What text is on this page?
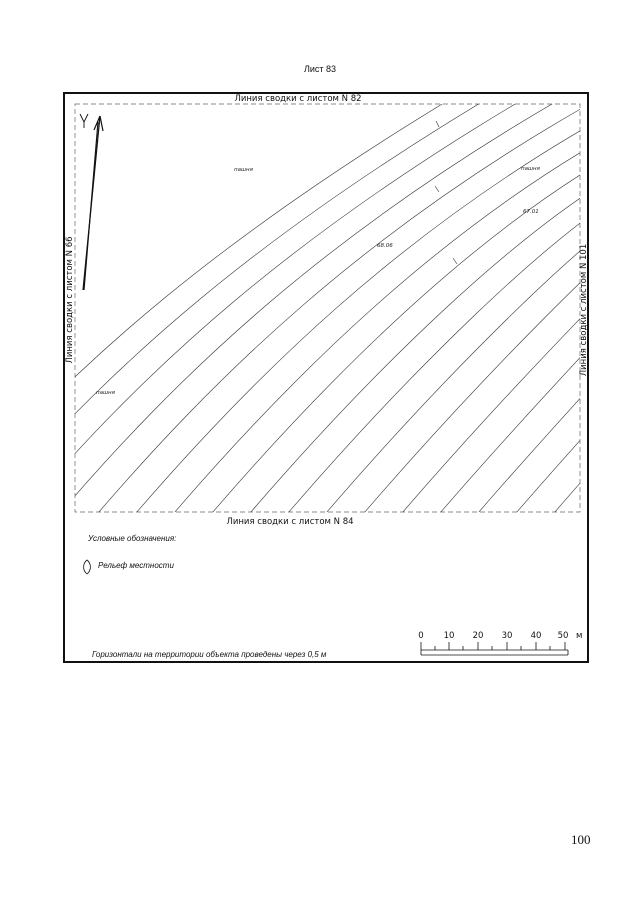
Лист 83
Линия сводки с листом N 82
Линия сводки с листом N 84
Линия сводки с листом N 66	Линия сводки с листом N 101
пашня	пашня
пашня
68.06
67.01
0 10 20 30 40 50 м
Условные обозначения:
Рельеф местности
Горизонтали на территории объекта проведены через 0,5 м
100
